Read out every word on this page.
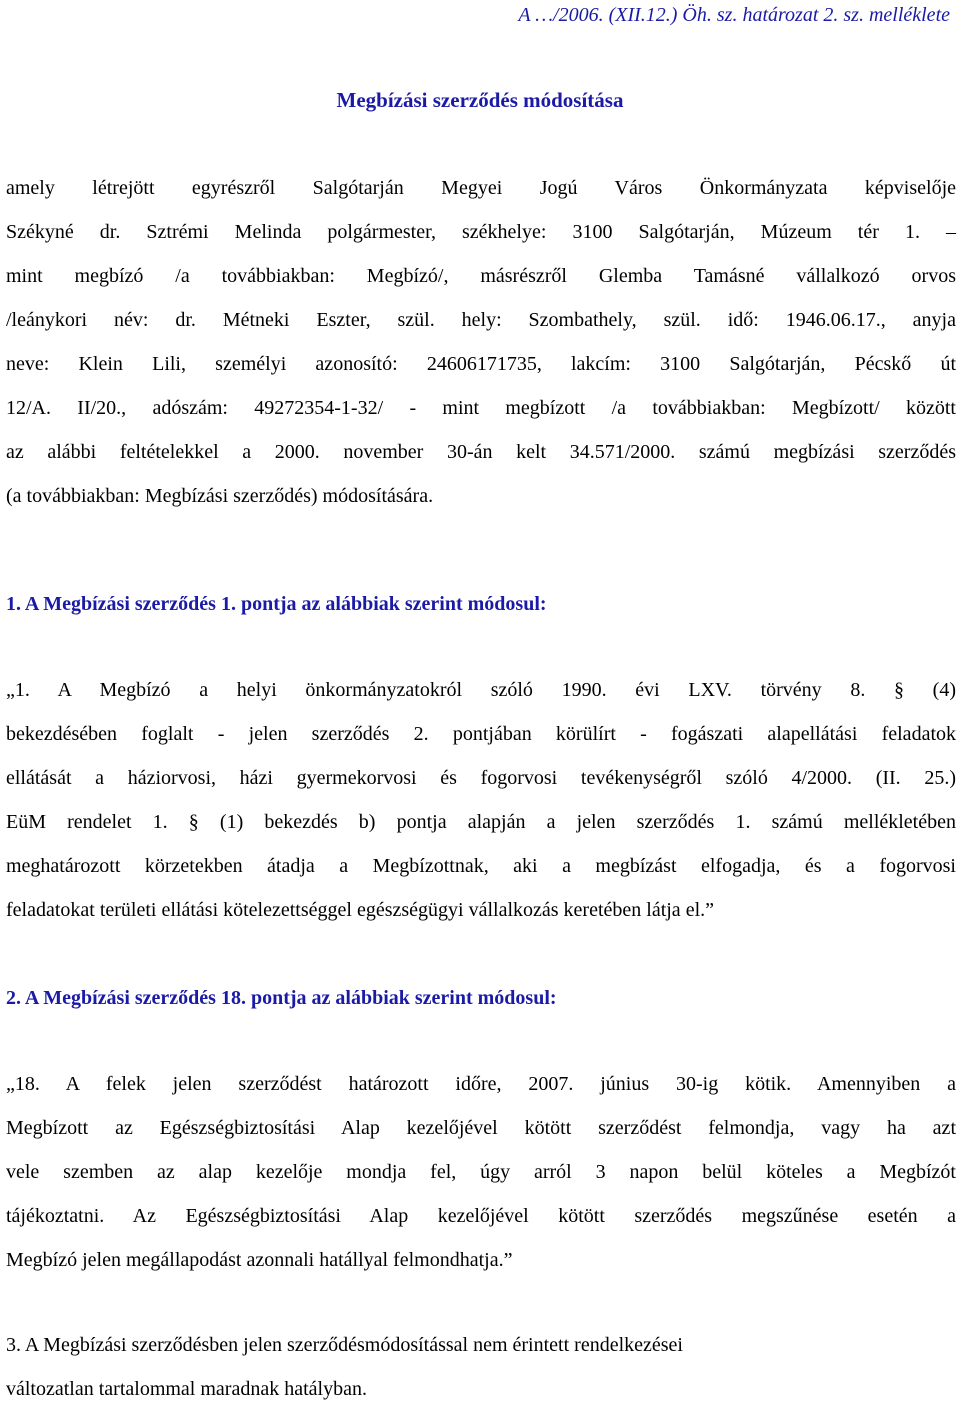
A …/2006. (XII.12.) Öh. sz. határozat 2. sz. melléklete
Megbízási szerződés módosítása
amely létrejött egyrészről Salgótarján Megyei Jogú Város Önkormányzata képviselője
Székyné dr. Sztrémi Melinda polgármester, székhelye: 3100 Salgótarján, Múzeum tér 1. –
mint megbízó /a továbbiakban: Megbízó/, másrészről Glemba Tamásné vállalkozó orvos
/leánykori név: dr. Métneki Eszter, szül. hely: Szombathely, szül. idő: 1946.06.17., anyja
neve: Klein Lili, személyi azonosító: 24606171735, lakcím: 3100 Salgótarján, Pécskő út
12/A. II/20., adószám: 49272354-1-32/ - mint megbízott /a továbbiakban: Megbízott/ között
az alábbi feltételekkel a 2000. november 30-án kelt 34.571/2000. számú megbízási szerződés
(a továbbiakban: Megbízási szerződés) módosítására.
1. A Megbízási szerződés 1. pontja az alábbiak szerint módosul:
„1. A Megbízó a helyi önkormányzatokról szóló 1990. évi LXV. törvény 8. § (4)
bekezdésében foglalt - jelen szerződés 2. pontjában körülírt - fogászati alapellátási feladatok
ellátását a háziorvosi, házi gyermekorvosi és fogorvosi tevékenységről szóló 4/2000. (II. 25.)
EüM rendelet 1. § (1) bekezdés b) pontja alapján a jelen szerződés 1. számú mellékletében
meghatározott körzetekben átadja a Megbízottnak, aki a megbízást elfogadja, és a fogorvosi
feladatokat területi ellátási kötelezettséggel egészségügyi vállalkozás keretében látja el.”
2. A Megbízási szerződés 18. pontja az alábbiak szerint módosul:
„18. A felek jelen szerződést határozott időre, 2007. június 30-ig kötik. Amennyiben a
Megbízott az Egészségbiztosítási Alap kezelőjével kötött szerződést felmondja, vagy ha azt
vele szemben az alap kezelője mondja fel, úgy arról 3 napon belül köteles a Megbízót
tájékoztatni. Az Egészségbiztosítási Alap kezelőjével kötött szerződés megszűnése esetén a
Megbízó jelen megállapodást azonnali hatállyal felmondhatja.”
3. A Megbízási szerződésben jelen szerződésmódosítással nem érintett rendelkezései
változatlan tartalommal maradnak hatályban.
